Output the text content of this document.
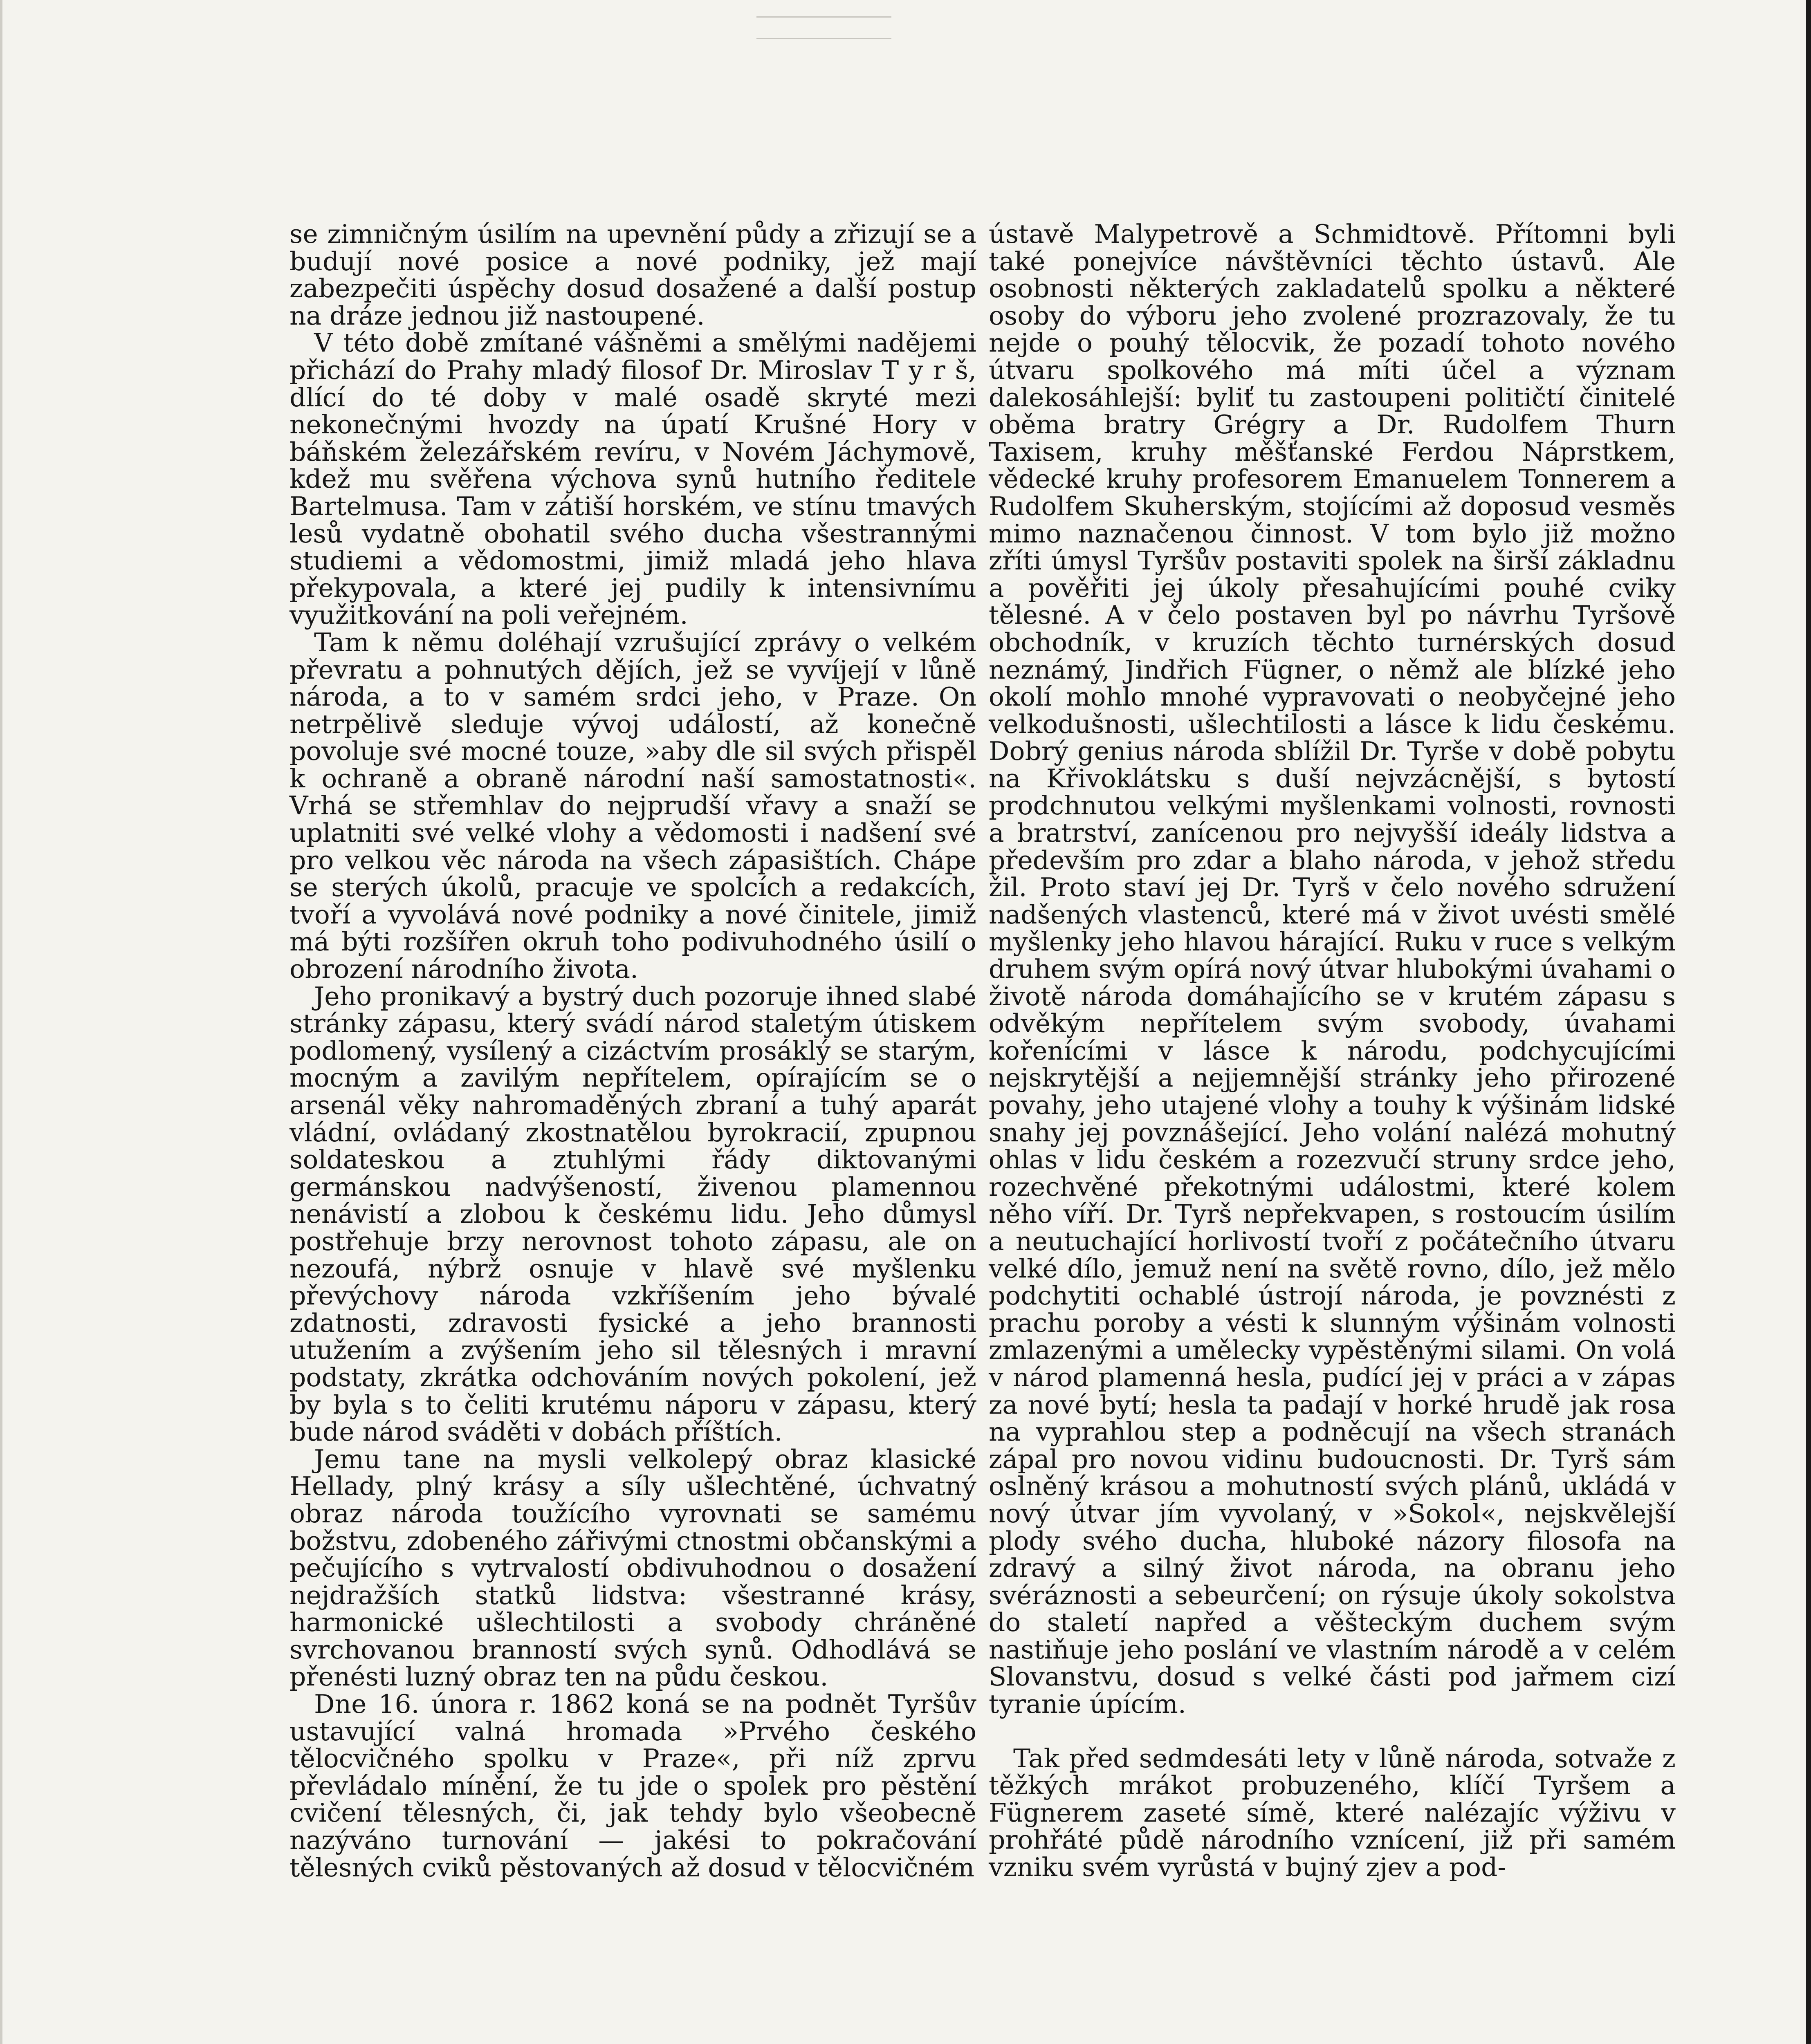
se zimničným úsilím na upevnění půdy a zřizují se a budují nové posice a nové podniky, jež mají zabezpečiti úspěchy dosud dosažené a další postup na dráze jednou již nastoupené.

V této době zmítané vášněmi a smělými nadějemi přichází do Prahy mladý filosof Dr. Miroslav T y r š, dlící do té doby v malé osadě skryté mezi nekonečnými hvozdy na úpatí Krušné Hory v báňském železářském revíru, v Novém Jáchymově, kdež mu svěřena výchova synů hutního ředitele Bartelmusa. Tam v zátiší horském, ve stínu tmavých lesů vydatně obohatil svého ducha všestrannými studiemi a vědomostmi, jimiž mladá jeho hlava překypovala, a které jej pudily k intensivnímu využitkování na poli veřejném.

Tam k němu doléhají vzrušující zprávy o velkém převratu a pohnutých dějích, jež se vyvíjejí v lůně národa, a to v samém srdci jeho, v Praze. On netrpělivě sleduje vývoj událostí, až konečně povoluje své mocné touze, »aby dle sil svých přispěl k ochraně a obraně národní naší samostatnosti«. Vrhá se střemhlav do nejprudší vřavy a snaží se uplatniti své velké vlohy a vědomosti i nadšení své pro velkou věc národa na všech zápasištích. Chápe se sterých úkolů, pracuje ve spolcích a redakcích, tvoří a vyvolává nové podniky a nové činitele, jimiž má býti rozšířen okruh toho podivuhodného úsilí o obrození národního života.

Jeho pronikavý a bystrý duch pozoruje ihned slabé stránky zápasu, který svádí národ staletým útiskem podlomený, vysílený a cizáctvím prosáklý se starým, mocným a zavilým nepřítelem, opírajícím se o arsenál věky nahromaděných zbraní a tuhý aparát vládní, ovládaný zkostnatělou byrokracií, zpupnou soldateskou a ztuhlými řády diktovanými germánskou nadvýšeností, živenou plamennou nenávistí a zlobou k českému lidu. Jeho důmysl postřehuje brzy nerovnost tohoto zápasu, ale on nezoufá, nýbrž osnuje v hlavě své myšlenku převýchovy národa vzkříšením jeho bývalé zdatnosti, zdravosti fysické a jeho brannosti utužením a zvýšením jeho sil tělesných i mravní podstaty, zkrátka odchováním nových pokolení, jež by byla s to čeliti krutému náporu v zápasu, který bude národ sváděti v dobách příštích.

Jemu tane na mysli velkolepý obraz klasické Hellady, plný krásy a síly ušlechtěné, úchvatný obraz národa toužícího vyrovnati se samému božstvu, zdobeného zářivými ctnostmi občanskými a pečujícího s vytrvalostí obdivuhodnou o dosažení nejdražších statků lidstva: všestranné krásy, harmonické ušlechtilosti a svobody chráněné svrchovanou branností svých synů. Odhodlává se přenésti luzný obraz ten na půdu českou.

Dne 16. února r. 1862 koná se na podnět Tyršův ustavující valná hromada »Prvého českého tělocvičného spolku v Praze«, při níž zprvu převládalo mínění, že tu jde o spolek pro pěstění cvičení tělesných, či, jak tehdy bylo všeobecně nazýváno turnování — jakési to pokračování tělesných cviků pěstovaných až dosud v tělocvičném

ústavě Malypetrově a Schmidtově. Přítomni byli také ponejvíce návštěvníci těchto ústavů. Ale osobnosti některých zakladatelů spolku a některé osoby do výboru jeho zvolené prozrazovaly, že tu nejde o pouhý tělocvik, že pozadí tohoto nového útvaru spolkového má míti účel a význam dalekosáhlejší: byliť tu zastoupeni političtí činitelé oběma bratry Grégry a Dr. Rudolfem Thurn Taxisem, kruhy měšťanské Ferdou Náprstkem, vědecké kruhy profesorem Emanuelem Tonnerem a Rudolfem Skuherským, stojícími až doposud vesměs mimo naznačenou činnost. V tom bylo již možno zříti úmysl Tyršův postaviti spolek na širší základnu a pověřiti jej úkoly přesahujícími pouhé cviky tělesné. A v čelo postaven byl po návrhu Tyršově obchodník, v kruzích těchto turnérských dosud neznámý, Jindřich Fügner, o němž ale blízké jeho okolí mohlo mnohé vypravovati o neobyčejné jeho velkodušnosti, ušlechtilosti a lásce k lidu českému. Dobrý genius národa sblížil Dr. Tyrše v době pobytu na Křivoklátsku s duší nejvzácnější, s bytostí prodchnutou velkými myšlenkami volnosti, rovnosti a bratrství, zanícenou pro nejvyšší ideály lidstva a především pro zdar a blaho národa, v jehož středu žil. Proto staví jej Dr. Tyrš v čelo nového sdružení nadšených vlastenců, které má v život uvésti smělé myšlenky jeho hlavou hárající. Ruku v ruce s velkým druhem svým opírá nový útvar hlubokými úvahami o životě národa domáhajícího se v krutém zápasu s odvěkým nepřítelem svým svobody, úvahami kořenícími v lásce k národu, podchycujícími nejskrytější a nejjemnější stránky jeho přirozené povahy, jeho utajené vlohy a touhy k výšinám lidské snahy jej povznášející. Jeho volání nalézá mohutný ohlas v lidu českém a rozezvučí struny srdce jeho, rozechvěné překotnými událostmi, které kolem něho víří. Dr. Tyrš nepřekvapen, s rostoucím úsilím a neutuchající horlivostí tvoří z počátečního útvaru velké dílo, jemuž není na světě rovno, dílo, jež mělo podchytiti ochablé ústrojí národa, je povznésti z prachu poroby a vésti k slunným výšinám volnosti zmlazenými a umělecky vypěstěnými silami. On volá v národ plamenná hesla, pudící jej v práci a v zápas za nové bytí; hesla ta padají v horké hrudě jak rosa na vyprahlou step a podněcují na všech stranách zápal pro novou vidinu budoucnosti. Dr. Tyrš sám oslněný krásou a mohutností svých plánů, ukládá v nový útvar jím vyvolaný, v »Sokol«, nejskvělejší plody svého ducha, hluboké názory filosofa na zdravý a silný život národa, na obranu jeho svéráznosti a sebeurčení; on rýsuje úkoly sokolstva do staletí napřed a věšteckým duchem svým nastiňuje jeho poslání ve vlastním národě a v celém Slovanstvu, dosud s velké části pod jařmem cizí tyranie úpícím.

Tak před sedmdesáti lety v lůně národa, sotvaže z těžkých mrákot probuzeného, klíčí Tyršem a Fügnerem zaseté símě, které nalézajíc výživu v prohřáté půdě národního vznícení, již při samém vzniku svém vyrůstá v bujný zjev a pod-
